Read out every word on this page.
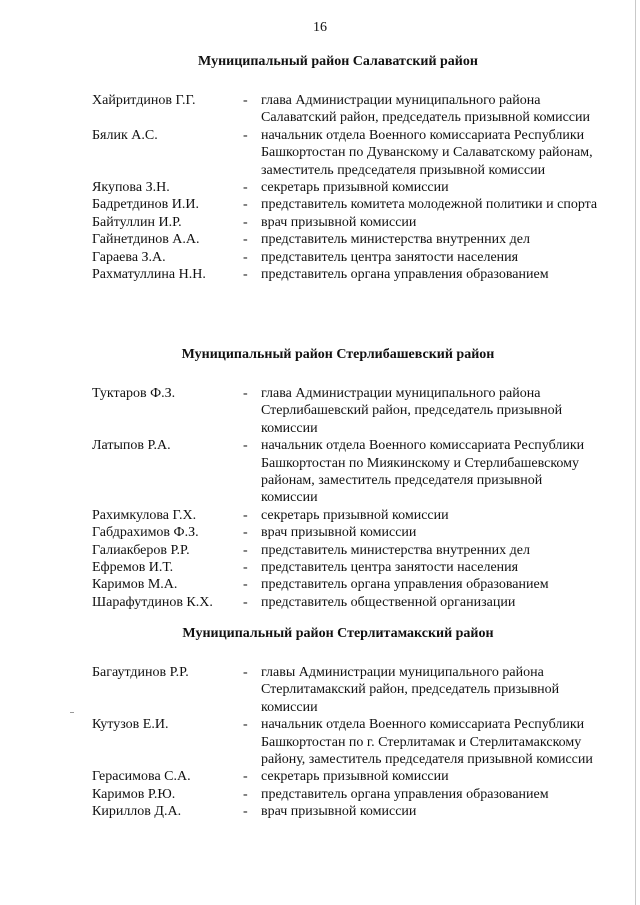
16
Муниципальный район Салаватский район
Хайритдинов Г.Г.	- глава Администрации муниципального района Салаватский район, председатель призывной комиссии
Бялик А.С.	- начальник отдела Военного комиссариата Республики Башкортостан по Дуванскому и Салаватскому районам, заместитель председателя призывной комиссии
Якупова З.Н.	- секретарь призывной комиссии
Бадретдинов И.И.	- представитель комитета молодежной политики и спорта
Байтуллин И.Р.	- врач призывной комиссии
Гайнетдинов А.А.	- представитель министерства внутренних дел
Гараева З.А.	- представитель центра занятости населения
Рахматуллина Н.Н.	- представитель органа управления образованием
Муниципальный район Стерлибашевский район
Туктаров Ф.З.	- глава Администрации муниципального района Стерлибашевский район, председатель призывной комиссии
Латыпов Р.А.	- начальник отдела Военного комиссариата Республики Башкортостан по Миякинскому и Стерлибашевскому районам, заместитель председателя призывной комиссии
Рахимкулова Г.Х.	- секретарь призывной комиссии
Габдрахимов Ф.З.	- врач призывной комиссии
Галиакберов Р.Р.	- представитель министерства внутренних дел
Ефремов И.Т.	- представитель центра занятости населения
Каримов М.А.	- представитель органа управления образованием
Шарафутдинов К.Х. - представитель общественной организации
Муниципальный район Стерлитамакский район
Багаутдинов Р.Р.	- главы Администрации муниципального района Стерлитамакский район, председатель призывной комиссии
Кутузов Е.И.	- начальник отдела Военного комиссариата Республики Башкортостан по г. Стерлитамак и Стерлитамакскому району, заместитель председателя призывной комиссии
Герасимова С.А.	- секретарь призывной комиссии
Каримов Р.Ю.	- представитель органа управления образованием
Кириллов Д.А.	- врач призывной комиссии
